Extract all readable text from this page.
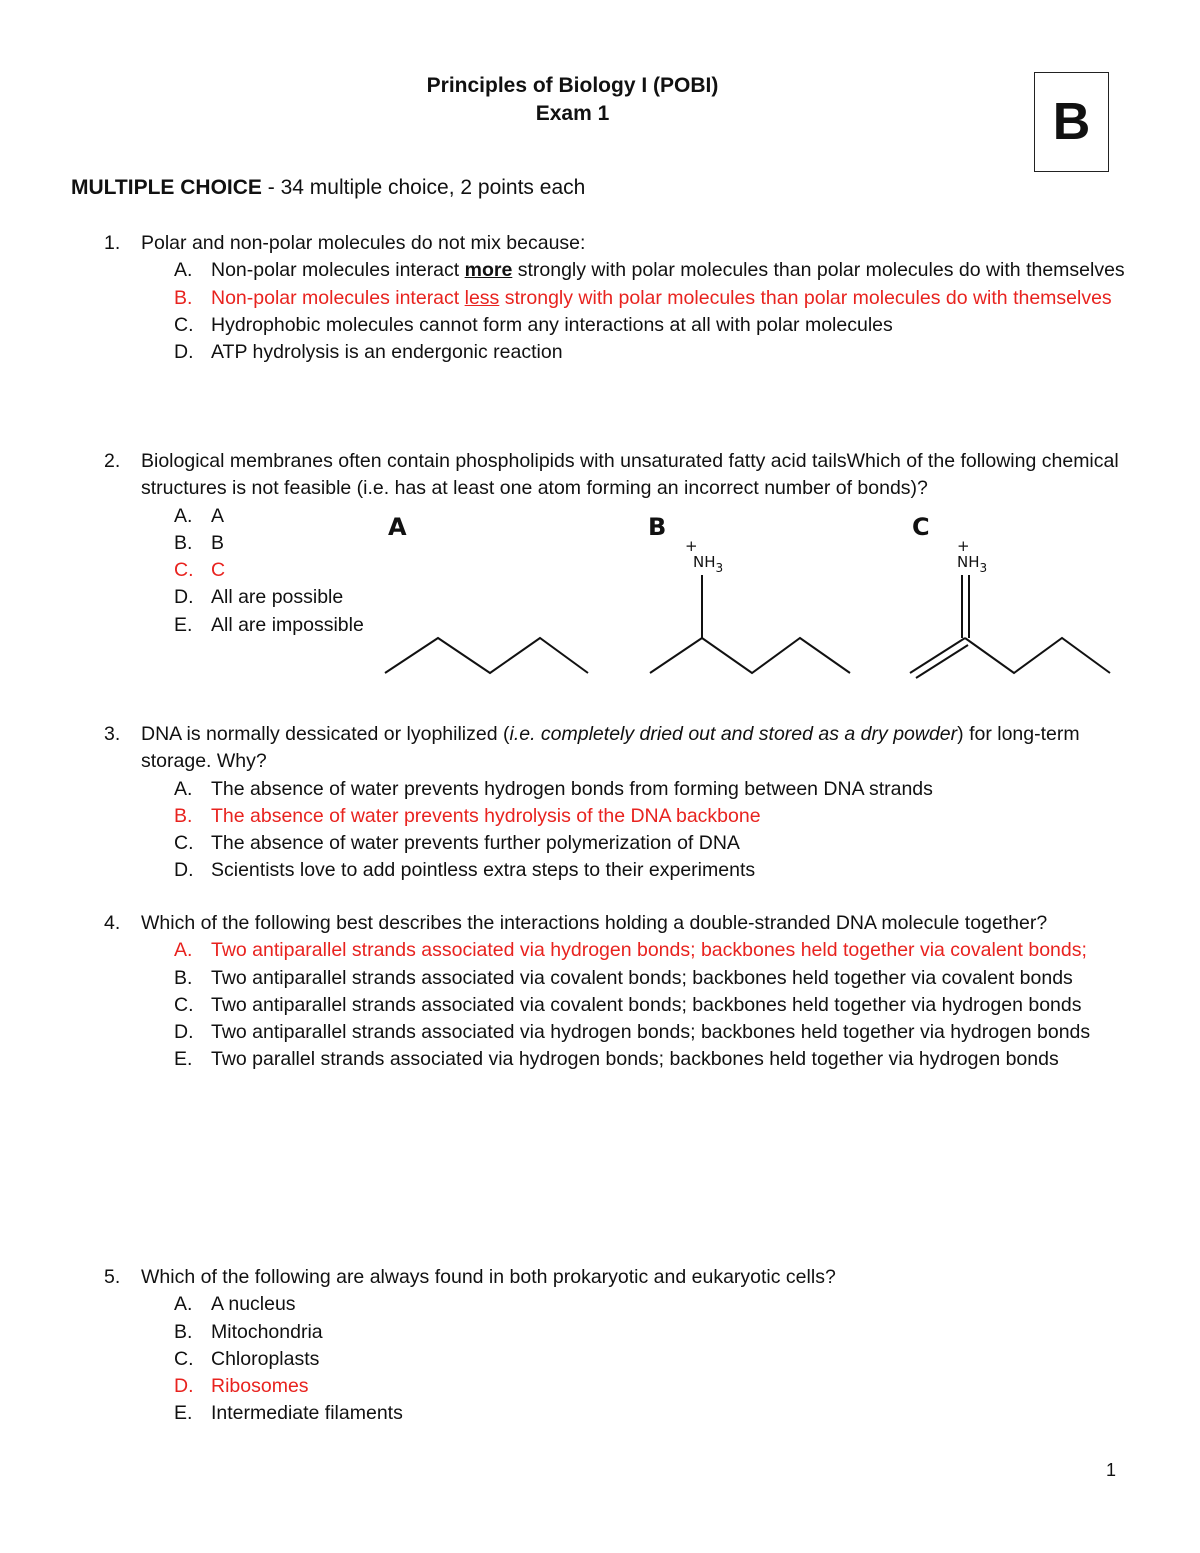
Principles of Biology I (POBI)
Exam 1	B
MULTIPLE CHOICE - 34 multiple choice, 2 points each
1.	Polar and non-polar molecules do not mix because:
A. Non-polar molecules interact more strongly with polar molecules than polar molecules do with themselves
B. Non-polar molecules interact less strongly with polar molecules than polar molecules do with themselves
C. Hydrophobic molecules cannot form any interactions at all with polar molecules
D. ATP hydrolysis is an endergonic reaction
2.	Biological membranes often contain phospholipids with unsaturated fatty acid tailsWhich of the following chemical structures is not feasible (i.e. has at least one atom forming an incorrect number of bonds)?
A. A
B. B
C. C
D. All are possible
E. All are impossible
A	B
+
$NH_3$
C
+
$NH_3$
3.	DNA is normally dessicated or lyophilized (i.e. completely dried out and stored as a dry powder) for long-term storage. Why?
A. The absence of water prevents hydrogen bonds from forming between DNA strands
B. The absence of water prevents hydrolysis of the DNA backbone
C. The absence of water prevents further polymerization of DNA
D. Scientists love to add pointless extra steps to their experiments
4.	Which of the following best describes the interactions holding a double-stranded DNA molecule together?
A. Two antiparallel strands associated via hydrogen bonds; backbones held together via covalent bonds;
B. Two antiparallel strands associated via covalent bonds; backbones held together via covalent bonds
C. Two antiparallel strands associated via covalent bonds; backbones held together via hydrogen bonds
D. Two antiparallel strands associated via hydrogen bonds; backbones held together via hydrogen bonds
E. Two parallel strands associated via hydrogen bonds; backbones held together via hydrogen bonds
5.	Which of the following are always found in both prokaryotic and eukaryotic cells?
A. A nucleus
B. Mitochondria
C. Chloroplasts
D. Ribosomes
E. Intermediate filaments
1
